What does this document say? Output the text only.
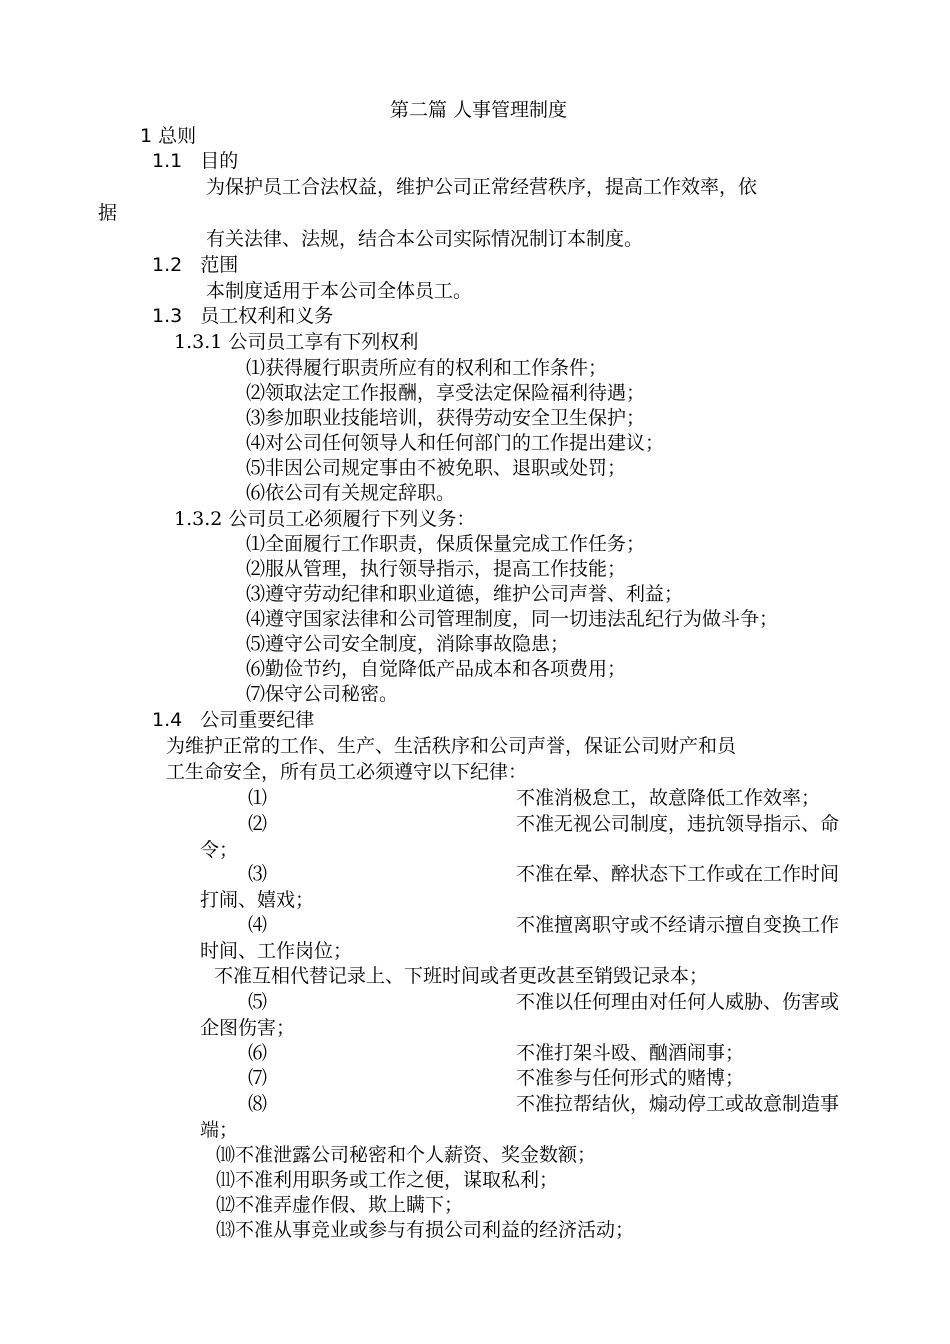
第二篇 人事管理制度
1 总则
1.1 目的
为保护员工合法权益，维护公司正常经营秩序，提高工作效率，依
据
有关法律、法规，结合本公司实际情况制订本制度。
1.2 范围
本制度适用于本公司全体员工。
1.3 员工权利和义务
1.3.1 公司员工享有下列权利
⑴获得履行职责所应有的权利和工作条件；
⑵领取法定工作报酬，享受法定保险福利待遇；
⑶参加职业技能培训，获得劳动安全卫生保护；
⑷对公司任何领导人和任何部门的工作提出建议；
⑸非因公司规定事由不被免职、退职或处罚；
⑹依公司有关规定辞职。
1.3.2 公司员工必须履行下列义务：
⑴全面履行工作职责，保质保量完成工作任务；
⑵服从管理，执行领导指示，提高工作技能；
⑶遵守劳动纪律和职业道德，维护公司声誉、利益；
⑷遵守国家法律和公司管理制度，同一切违法乱纪行为做斗争；
⑸遵守公司安全制度，消除事故隐患；
⑹勤俭节约，自觉降低产品成本和各项费用；
⑺保守公司秘密。
1.4 公司重要纪律
为维护正常的工作、生产、生活秩序和公司声誉，保证公司财产和员
工生命安全，所有员工必须遵守以下纪律：
⑴	不准消极怠工，故意降低工作效率；
⑵	不准无视公司制度，违抗领导指示、命
令；
⑶	不准在晕、醉状态下工作或在工作时间
打闹、嬉戏；
⑷	不准擅离职守或不经请示擅自变换工作
时间、工作岗位；
不准互相代替记录上、下班时间或者更改甚至销毁记录本；
⑸	不准以任何理由对任何人威胁、伤害或
企图伤害；
⑹	不准打架斗殴、酗酒闹事；
⑺	不准参与任何形式的赌博；
⑻	不准拉帮结伙，煽动停工或故意制造事
端；
⑽不准泄露公司秘密和个人薪资、奖金数额；
⑾不准利用职务或工作之便，谋取私利；
⑿不准弄虚作假、欺上瞒下；
⒀不准从事竞业或参与有损公司利益的经济活动；
